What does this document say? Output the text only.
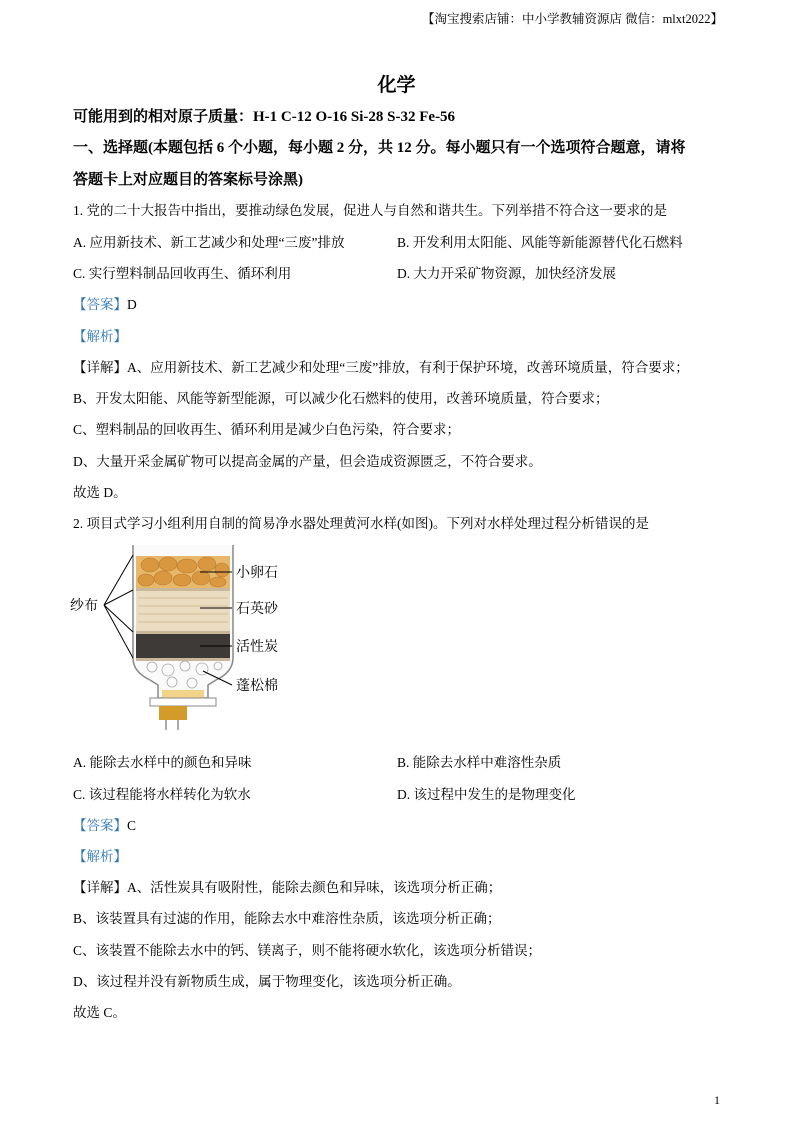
【淘宝搜索店铺：中小学教辅资源店 微信：mlxt2022】
化学
可能用到的相对原子质量：H-1 C-12 O-16 Si-28 S-32 Fe-56
一、选择题(本题包括 6 个小题，每小题 2 分，共 12 分。每小题只有一个选项符合题意，请将
答题卡上对应题目的答案标号涂黑)
1. 党的二十大报告中指出，要推动绿色发展，促进人与自然和谐共生。下列举措不符合这一要求的是
A. 应用新技术、新工艺减少和处理“三废”排放	B. 开发利用太阳能、风能等新能源替代化石燃料
C. 实行塑料制品回收再生、循环利用	D. 大力开采矿物资源，加快经济发展
【答案】D
【解析】
【详解】A、应用新技术、新工艺减少和处理“三废”排放，有利于保护环境，改善环境质量，符合要求；
B、开发太阳能、风能等新型能源，可以减少化石燃料的使用，改善环境质量，符合要求；
C、塑料制品的回收再生、循环利用是减少白色污染，符合要求；
D、大量开采金属矿物可以提高金属的产量，但会造成资源匮乏，不符合要求。
故选 D。
2. 项目式学习小组利用自制的简易净水器处理黄河水样(如图)。下列对水样处理过程分析错误的是
纱布
小卵石
石英砂
活性炭
蓬松棉
A. 能除去水样中的颜色和异味	B. 能除去水样中难溶性杂质
C. 该过程能将水样转化为软水	D. 该过程中发生的是物理变化
【答案】C
【解析】
【详解】A、活性炭具有吸附性，能除去颜色和异味，该选项分析正确；
B、该装置具有过滤的作用，能除去水中难溶性杂质，该选项分析正确；
C、该装置不能除去水中的钙、镁离子，则不能将硬水软化，该选项分析错误；
D、该过程并没有新物质生成，属于物理变化，该选项分析正确。
故选 C。
1
